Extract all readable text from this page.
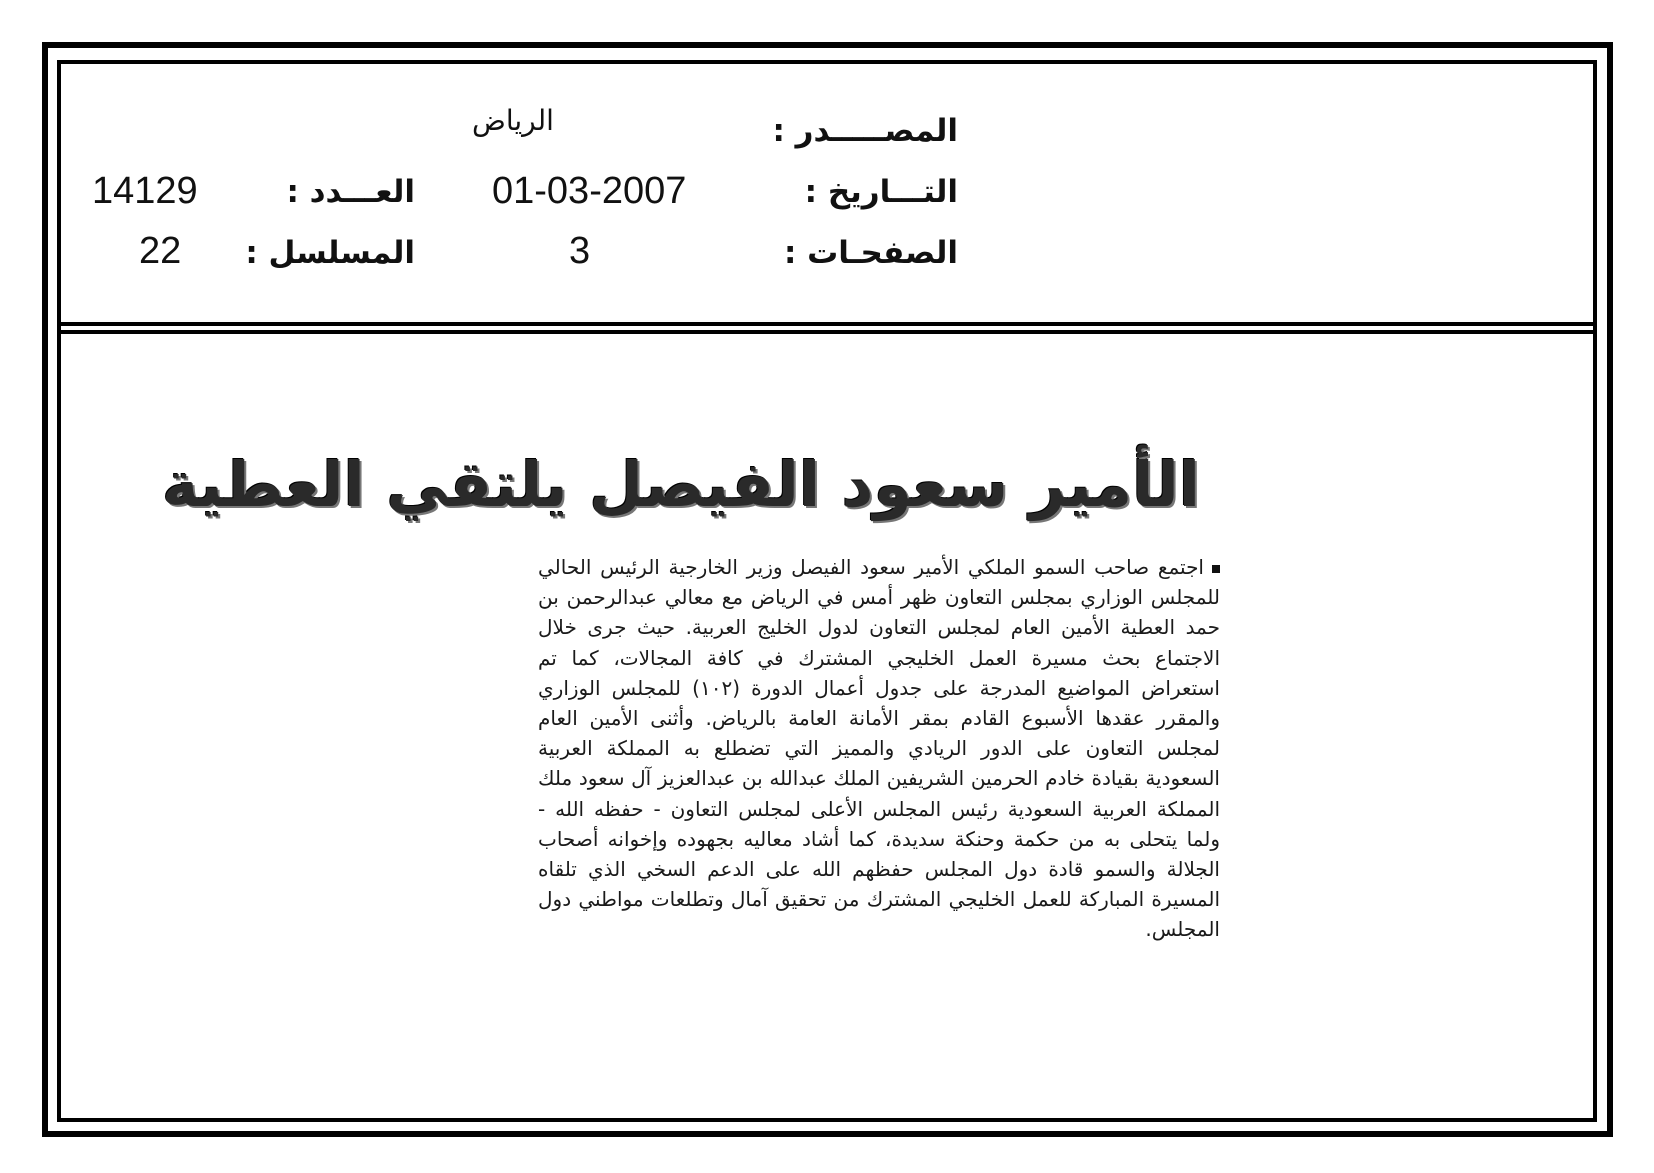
المصـــــدر :
الرياض
التـــاريخ :
01-03-2007
الصفحـات :
3
العـــدد :
14129
المسلسل :
22
الأمير سعود الفيصل يلتقي العطية
اجتمع صاحب السمو الملكي الأمير سعود الفيصل وزير الخارجية الرئيس الحالي للمجلس الوزاري بمجلس التعاون ظهر أمس في الرياض مع معالي عبدالرحمن بن حمد العطية الأمين العام لمجلس التعاون لدول الخليج العربية. حيث جرى خلال الاجتماع بحث مسيرة العمل الخليجي المشترك في كافة المجالات، كما تم استعراض المواضيع المدرجة على جدول أعمال الدورة (١٠٢) للمجلس الوزاري والمقرر عقدها الأسبوع القادم بمقر الأمانة العامة بالرياض. وأثنى الأمين العام لمجلس التعاون على الدور الريادي والمميز التي تضطلع به المملكة العربية السعودية بقيادة خادم الحرمين الشريفين الملك عبدالله بن عبدالعزيز آل سعود ملك المملكة العربية السعودية رئيس المجلس الأعلى لمجلس التعاون - حفظه الله - ولما يتحلى به من حكمة وحنكة سديدة، كما أشاد معاليه بجهوده وإخوانه أصحاب الجلالة والسمو قادة دول المجلس حفظهم الله على الدعم السخي الذي تلقاه المسيرة المباركة للعمل الخليجي المشترك من تحقيق آمال وتطلعات مواطني دول المجلس.
